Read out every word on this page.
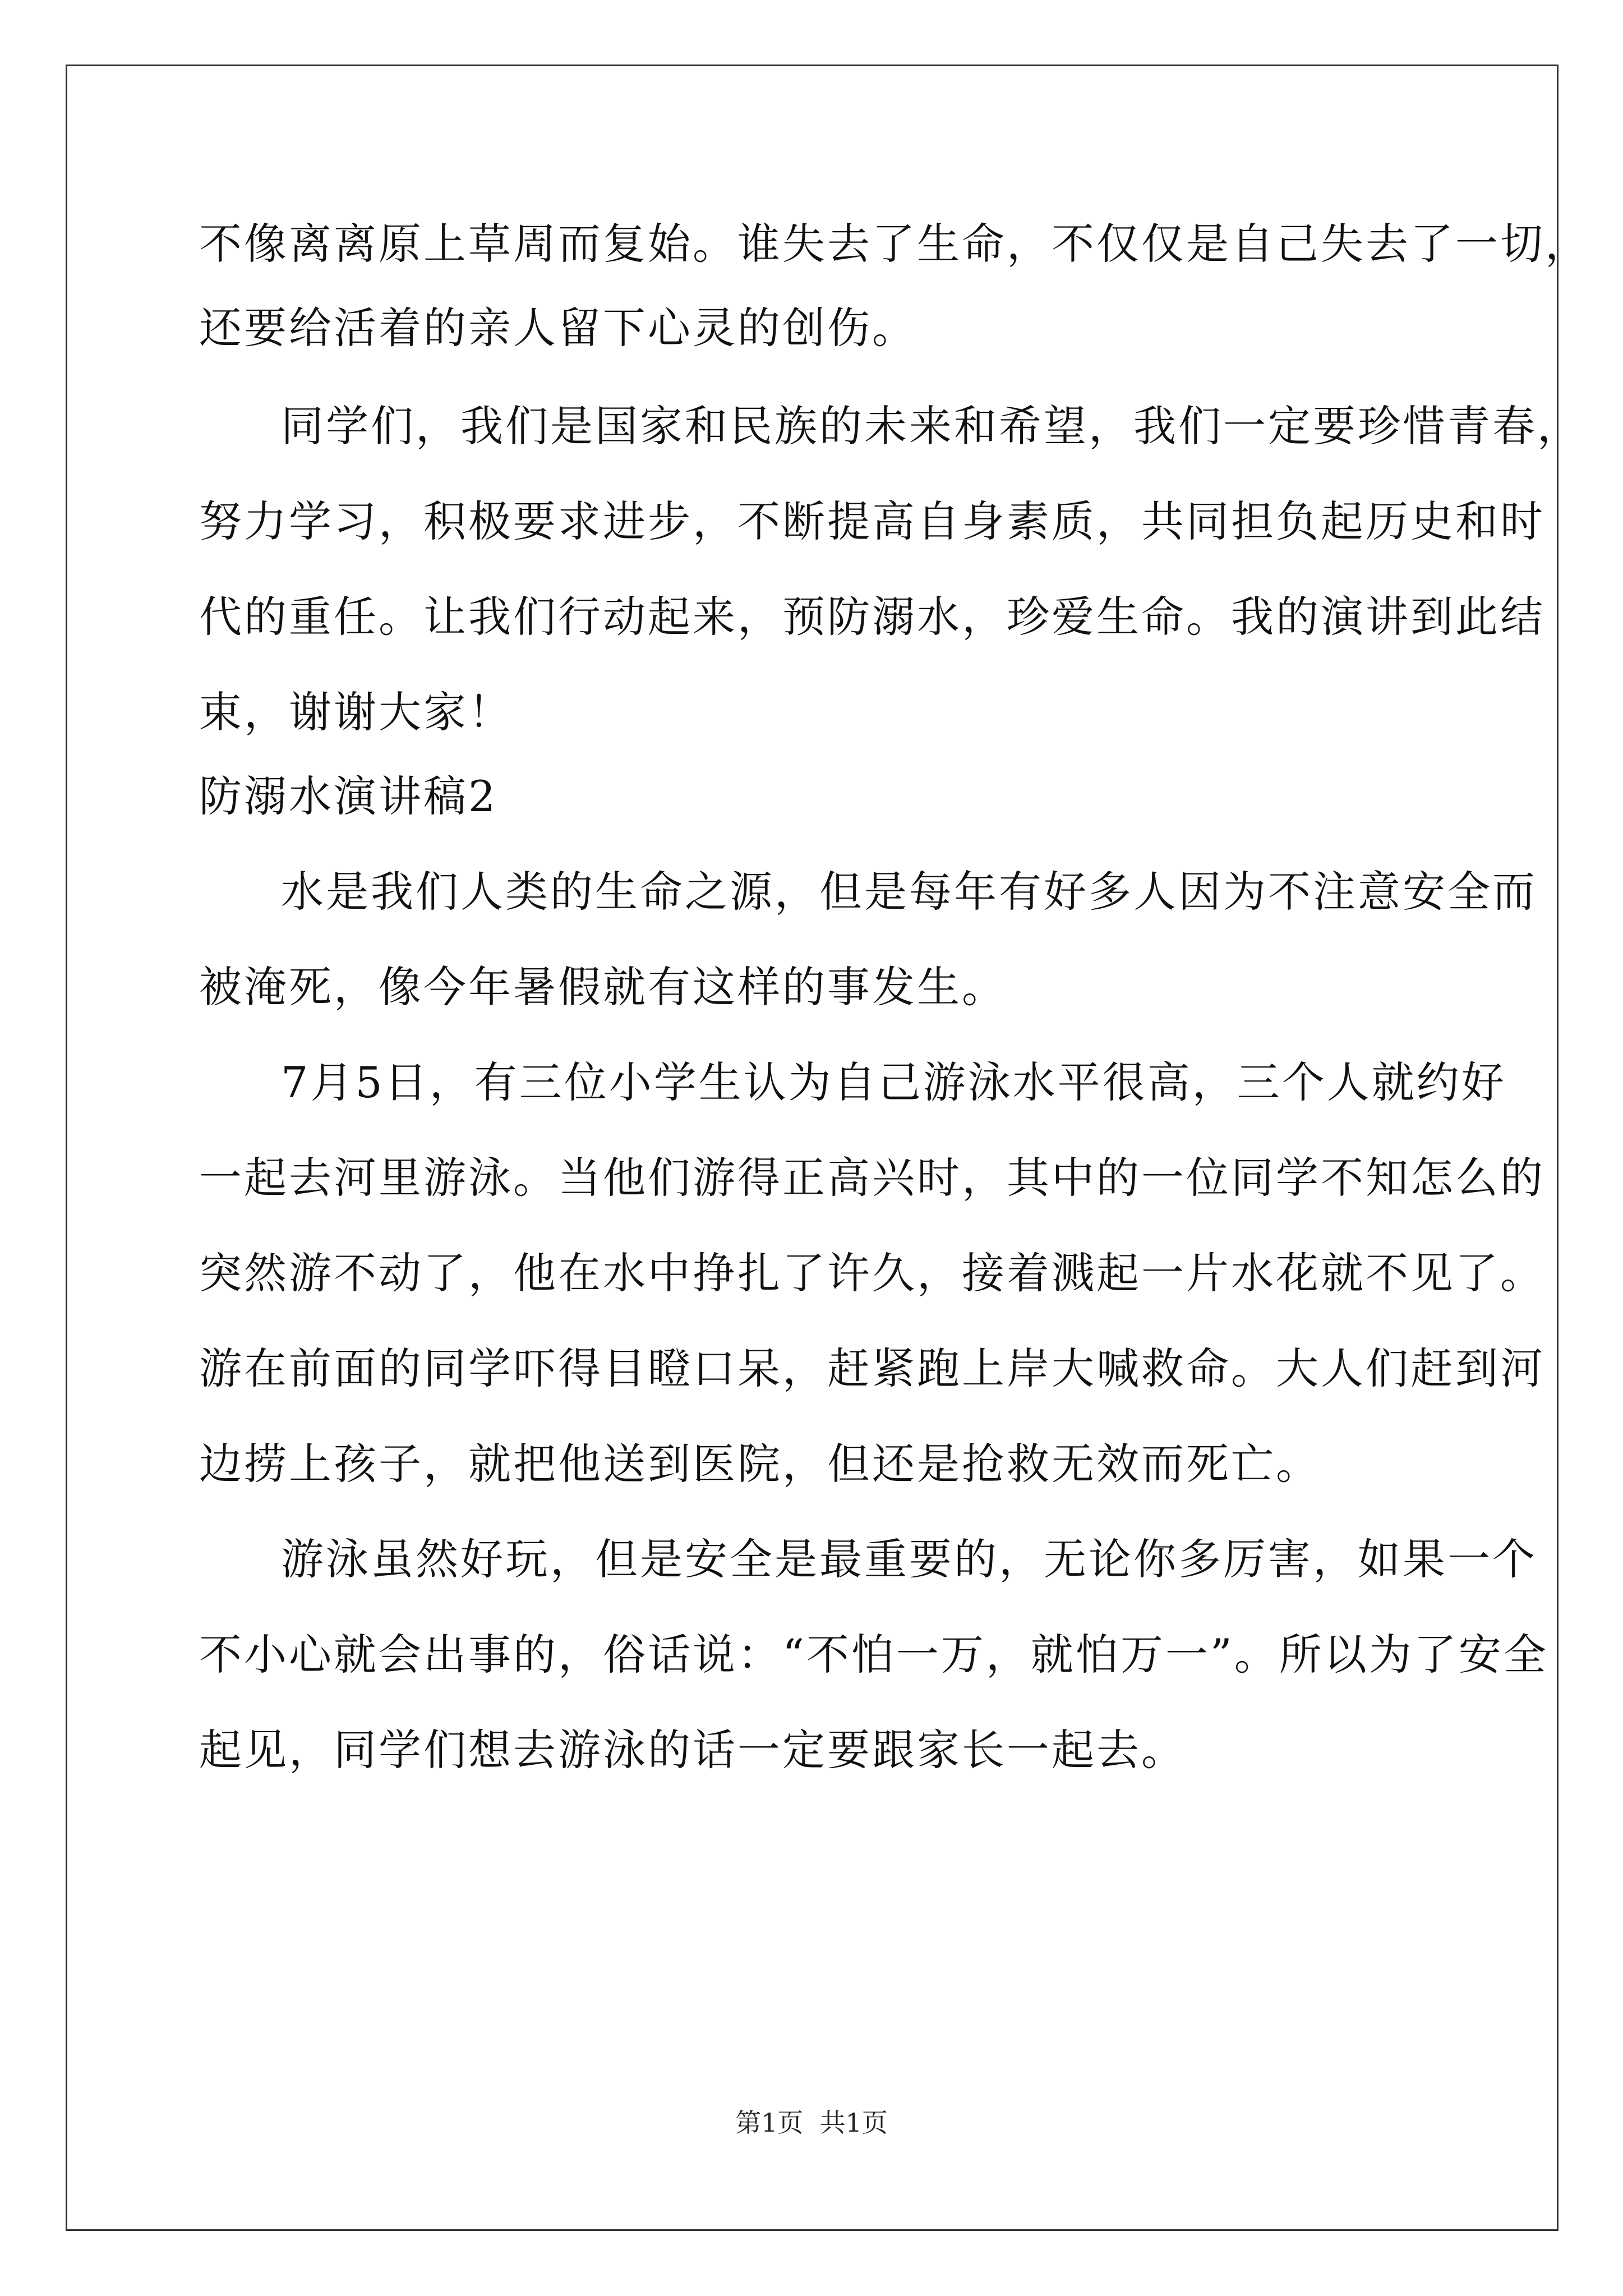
不像离离原上草周而复始。谁失去了生命，不仅仅是自己失去了一切，
还要给活着的亲人留下心灵的创伤。
同学们，我们是国家和民族的未来和希望，我们一定要珍惜青春，
努力学习，积极要求进步，不断提高自身素质，共同担负起历史和时
代的重任。让我们行动起来，预防溺水，珍爱生命。我的演讲到此结
束，谢谢大家！
防溺水演讲稿2
水是我们人类的生命之源，但是每年有好多人因为不注意安全而
被淹死，像今年暑假就有这样的事发生。
7月5日，有三位小学生认为自己游泳水平很高，三个人就约好
一起去河里游泳。当他们游得正高兴时，其中的一位同学不知怎么的
突然游不动了，他在水中挣扎了许久，接着溅起一片水花就不见了。
游在前面的同学吓得目瞪口呆，赶紧跑上岸大喊救命。大人们赶到河
边捞上孩子，就把他送到医院，但还是抢救无效而死亡。
游泳虽然好玩，但是安全是最重要的，无论你多厉害，如果一个
不小心就会出事的，俗话说：“不怕一万，就怕万一”。所以为了安全
起见，同学们想去游泳的话一定要跟家长一起去。
第1页  共1页
